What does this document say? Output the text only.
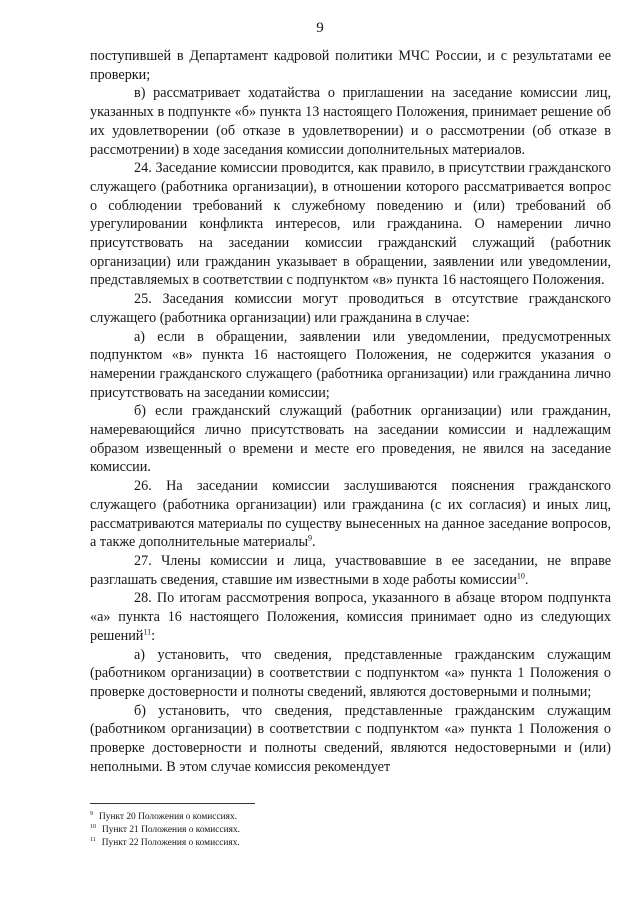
9

поступившей в Департамент кадровой политики МЧС России, и с результатами ее проверки;

в) рассматривает ходатайства о приглашении на заседание комиссии лиц, указанных в подпункте «б» пункта 13 настоящего Положения, принимает решение об их удовлетворении (об отказе в удовлетворении) и о рассмотрении (об отказе в рассмотрении) в ходе заседания комиссии дополнительных материалов.

24. Заседание комиссии проводится, как правило, в присутствии гражданского служащего (работника организации), в отношении которого рассматривается вопрос о соблюдении требований к служебному поведению и (или) требований об урегулировании конфликта интересов, или гражданина. О намерении лично присутствовать на заседании комиссии гражданский служащий (работник организации) или гражданин указывает в обращении, заявлении или уведомлении, представляемых в соответствии с подпунктом «в» пункта 16 настоящего Положения.

25. Заседания комиссии могут проводиться в отсутствие гражданского служащего (работника организации) или гражданина в случае:

а) если в обращении, заявлении или уведомлении, предусмотренных подпунктом «в» пункта 16 настоящего Положения, не содержится указания о намерении гражданского служащего (работника организации) или гражданина лично присутствовать на заседании комиссии;

б) если гражданский служащий (работник организации) или гражданин, намеревающийся лично присутствовать на заседании комиссии и надлежащим образом извещенный о времени и месте его проведения, не явился на заседание комиссии.

26. На заседании комиссии заслушиваются пояснения гражданского служащего (работника организации) или гражданина (с их согласия) и иных лиц, рассматриваются материалы по существу вынесенных на данное заседание вопросов, а также дополнительные материалы$^9$.

27. Члены комиссии и лица, участвовавшие в ее заседании, не вправе разглашать сведения, ставшие им известными в ходе работы комиссии$^{10}$.

28. По итогам рассмотрения вопроса, указанного в абзаце втором подпункта «а» пункта 16 настоящего Положения, комиссия принимает одно из следующих решений$^{11}$:

а) установить, что сведения, представленные гражданским служащим (работником организации) в соответствии с подпунктом «а» пункта 1 Положения о проверке достоверности и полноты сведений, являются достоверными и полными;

б) установить, что сведения, представленные гражданским служащим (работником организации) в соответствии с подпунктом «а» пункта 1 Положения о проверке достоверности и полноты сведений, являются недостоверными и (или) неполными. В этом случае комиссия рекомендует

$^9$ Пункт 20 Положения о комиссиях.
$^{10}$ Пункт 21 Положения о комиссиях.
$^{11}$ Пункт 22 Положения о комиссиях.
